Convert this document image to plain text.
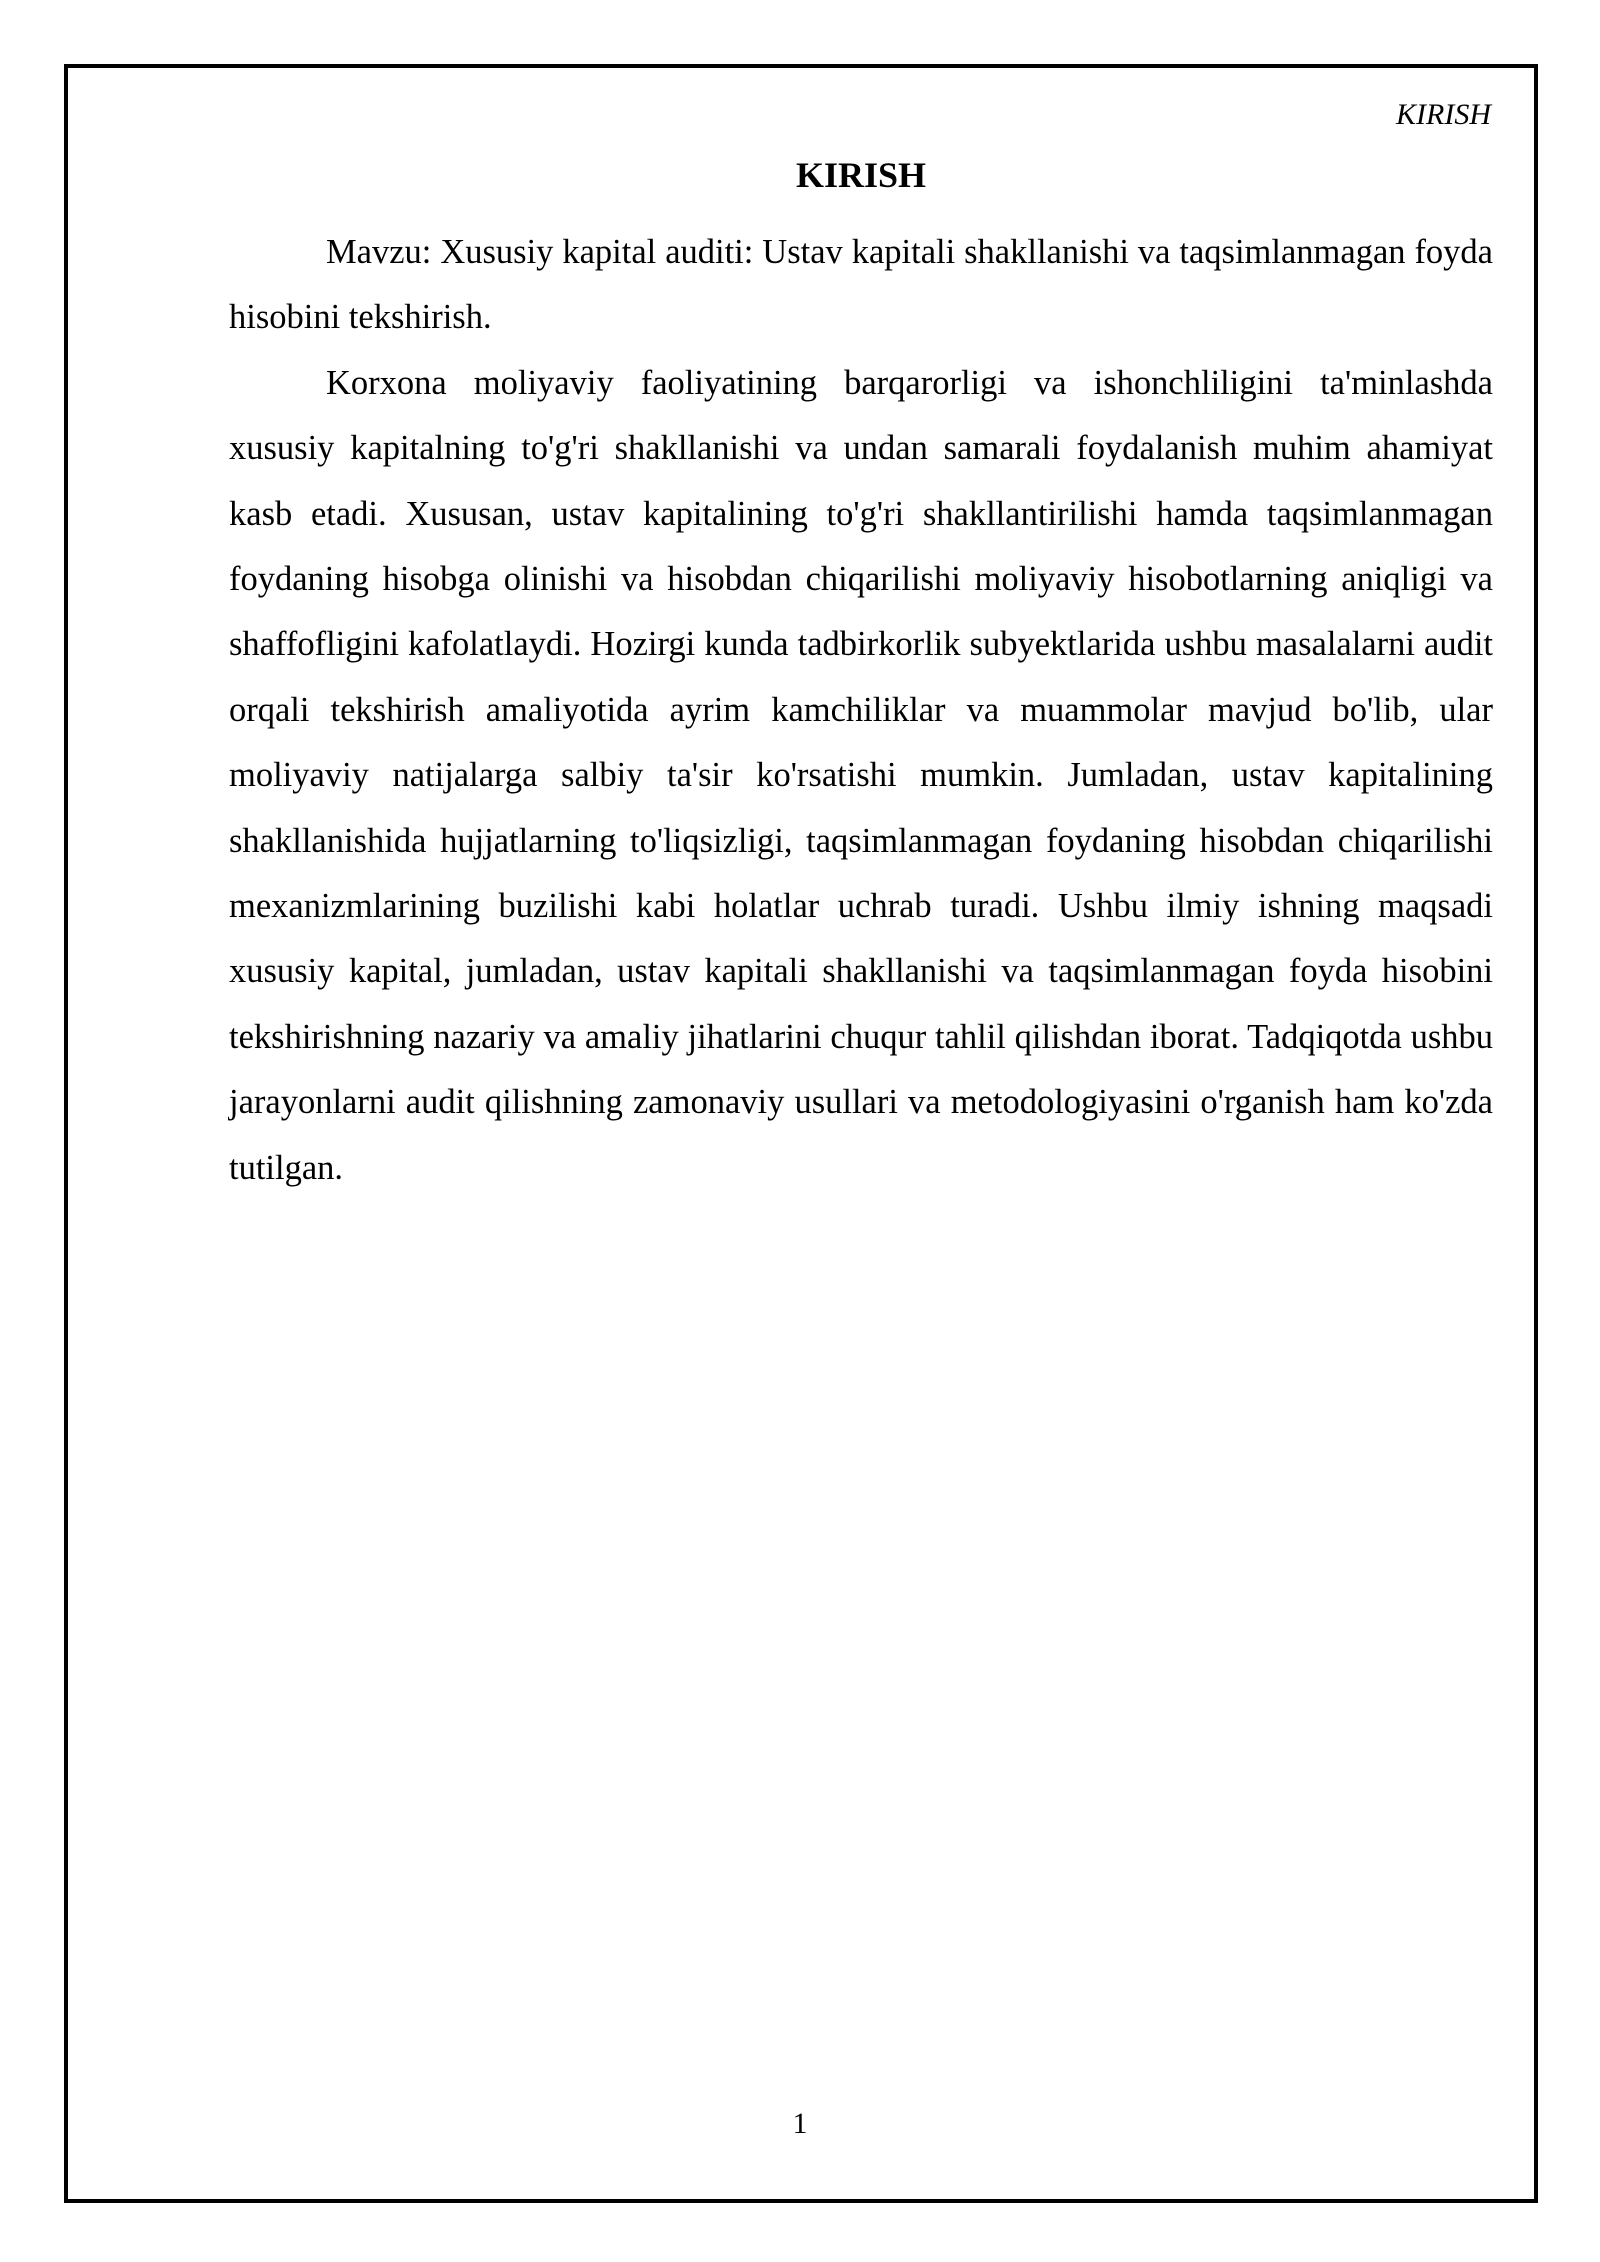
KIRISH
KIRISH

Mavzu: Xususiy kapital auditi: Ustav kapitali shakllanishi va taqsimlanmagan foyda hisobini tekshirish.

Korxona moliyaviy faoliyatining barqarorligi va ishonchliligini ta'minlashda xususiy kapitalning to'g'ri shakllanishi va undan samarali foydalanish muhim ahamiyat kasb etadi. Xususan, ustav kapitalining to'g'ri shakllantirilishi hamda taqsimlanmagan foydaning hisobga olinishi va hisobdan chiqarilishi moliyaviy hisobotlarning aniqligi va shaffofligini kafolatlaydi. Hozirgi kunda tadbirkorlik subyektlarida ushbu masalalarni audit orqali tekshirish amaliyotida ayrim kamchiliklar va muammolar mavjud bo'lib, ular moliyaviy natijalarga salbiy ta'sir ko'rsatishi mumkin. Jumladan, ustav kapitalining shakllanishida hujjatlarning to'liqsizligi, taqsimlanmagan foydaning hisobdan chiqarilishi mexanizmlarining buzilishi kabi holatlar uchrab turadi. Ushbu ilmiy ishning maqsadi xususiy kapital, jumladan, ustav kapitali shakllanishi va taqsimlanmagan foyda hisobini tekshirishning nazariy va amaliy jihatlarini chuqur tahlil qilishdan iborat. Tadqiqotda ushbu jarayonlarni audit qilishning zamonaviy usullari va metodologiyasini o'rganish ham ko'zda tutilgan.

1
